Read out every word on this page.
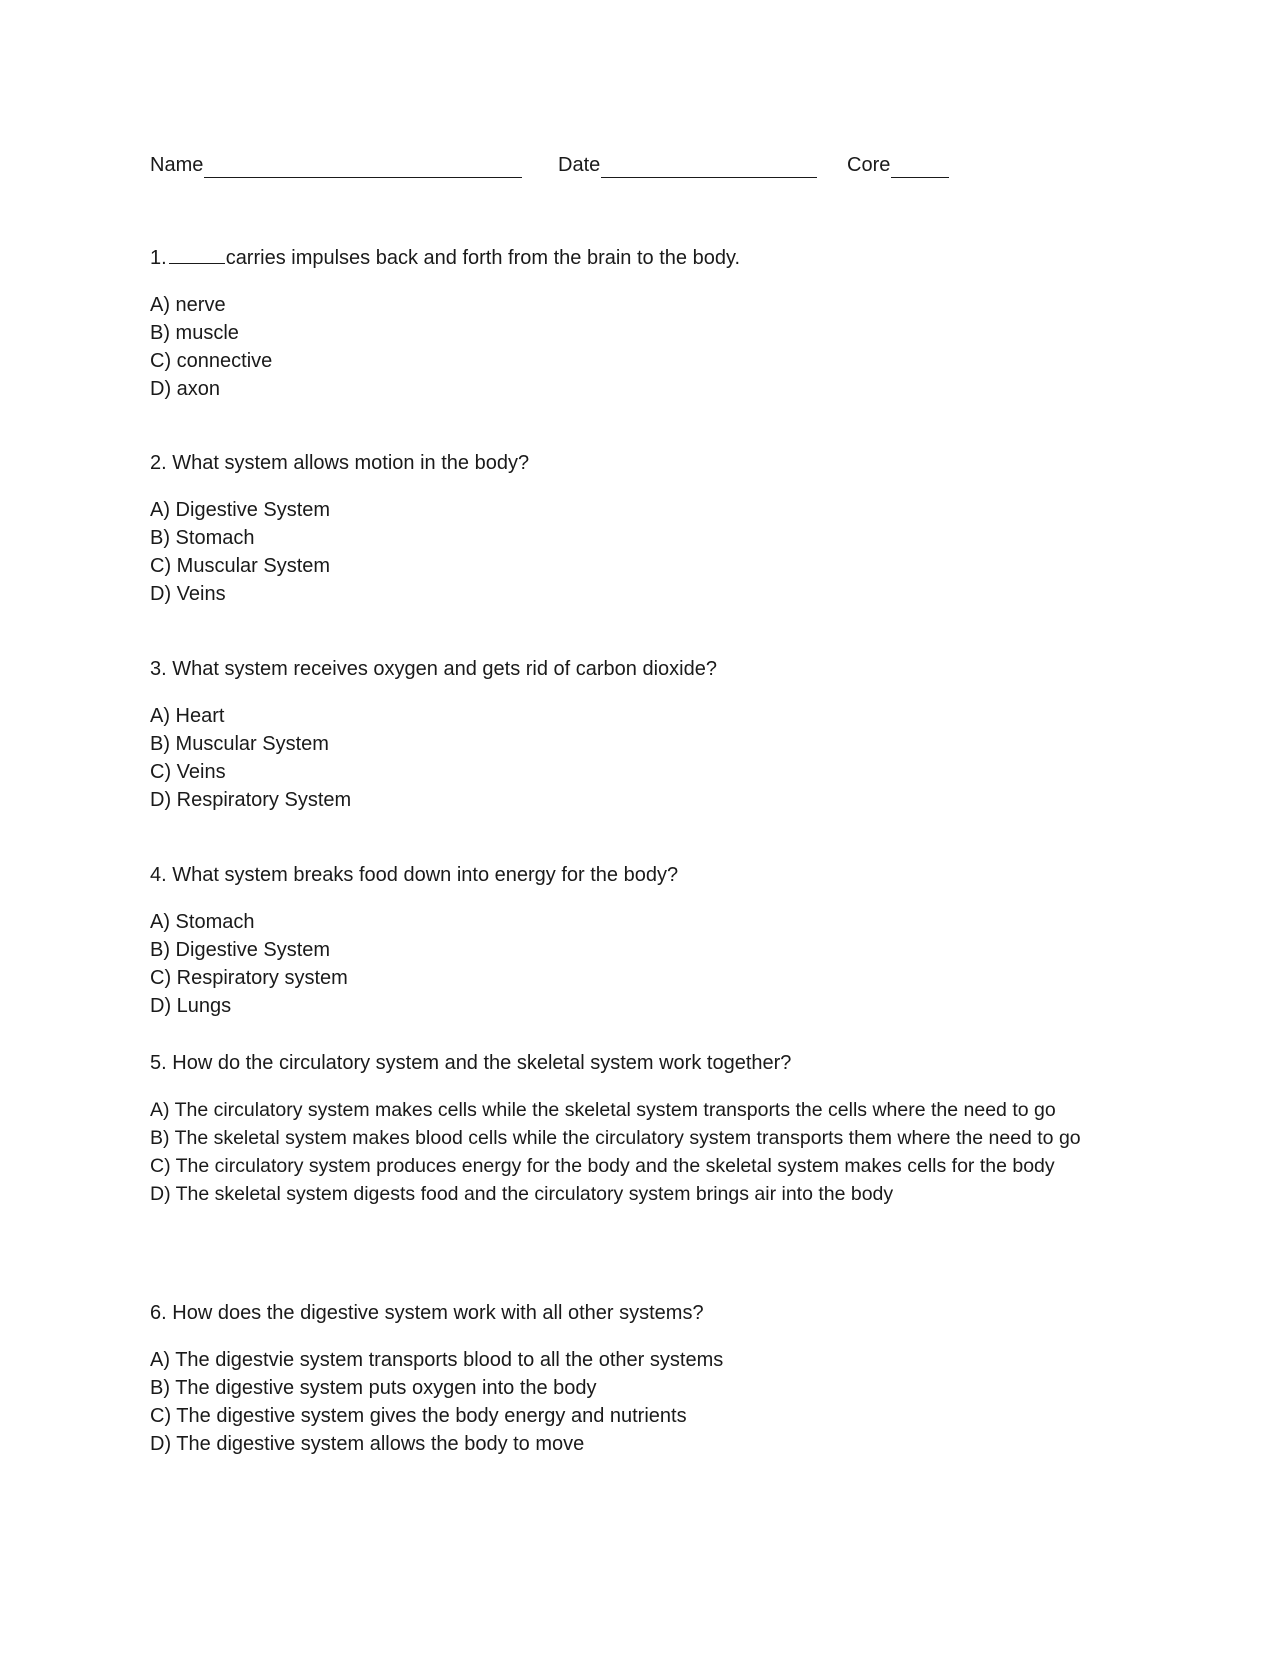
Name	Date	Core

1.	carries impulses back and forth from the brain to the body.

A) nerve
B) muscle
C) connective
D) axon

2. What system allows motion in the body?

A) Digestive System
B) Stomach
C) Muscular System
D) Veins

3. What system receives oxygen and gets rid of carbon dioxide?

A) Heart
B) Muscular System
C) Veins
D) Respiratory System

4. What system breaks food down into energy for the body?

A) Stomach
B) Digestive System
C) Respiratory system
D) Lungs

5. How do the circulatory system and the skeletal system work together?

A) The circulatory system makes cells while the skeletal system transports the cells where the need to go
B) The skeletal system makes blood cells while the circulatory system transports them where the need to go
C) The circulatory system produces energy for the body and the skeletal system makes cells for the body
D) The skeletal system digests food and the circulatory system brings air into the body

6. How does the digestive system work with all other systems?

A) The digestvie system transports blood to all the other systems
B) The digestive system puts oxygen into the body
C) The digestive system gives the body energy and nutrients
D) The digestive system allows the body to move
